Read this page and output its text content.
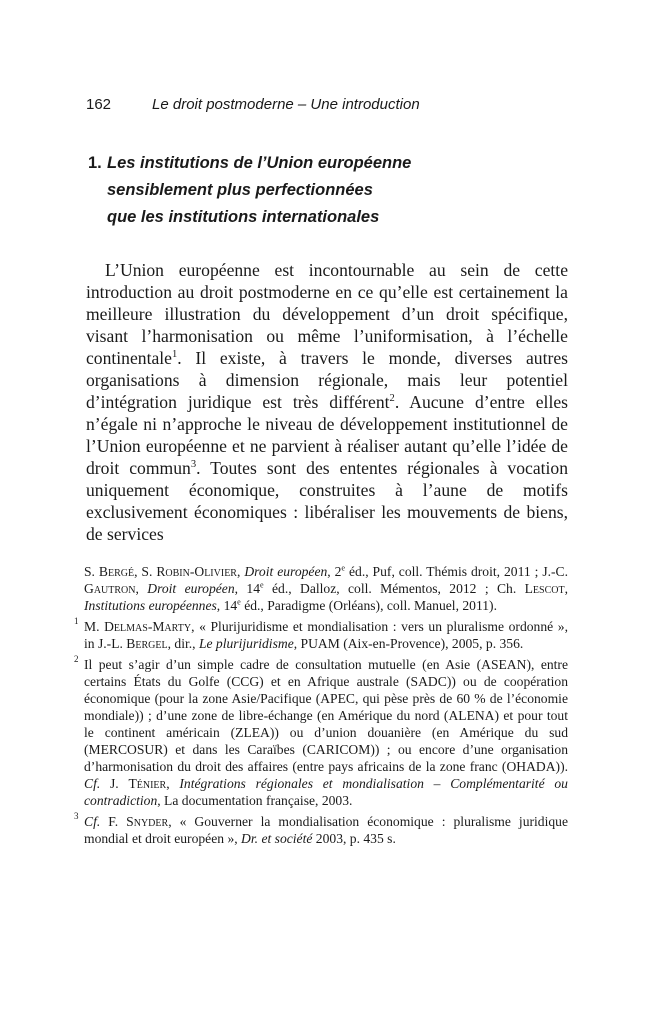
162	Le droit postmoderne – Une introduction
1. Les institutions de l’Union européenne
sensiblement plus perfectionnées
que les institutions internationales

L’Union européenne est incontournable au sein de cette introduction au droit postmoderne en ce qu’elle est certainement la meilleure illustration du développement d’un droit spécifique, visant l’harmonisation ou même l’uniformisation, à l’échelle continentale$^1$. Il existe, à travers le monde, diverses autres organisations à dimension régionale, mais leur potentiel d’intégration juridique est très différent$^2$. Aucune d’entre elles n’égale ni n’approche le niveau de développement institutionnel de l’Union européenne et ne parvient à réaliser autant qu’elle l’idée de droit commun$^3$. Toutes sont des ententes régionales à vocation uniquement économique, construites à l’aune de motifs exclusivement économiques : libéraliser les mouvements de biens, de services

S. Bergé, S. Robin-Olivier, Droit européen, 2e éd., Puf, coll. Thémis droit, 2011 ; J.-C. Gautron, Droit européen, 14e éd., Dalloz, coll. Mémentos, 2012 ; Ch. Lescot, Institutions européennes, 14e éd., Paradigme (Orléans), coll. Manuel, 2011).

1 M. Delmas-Marty, « Plurijuridisme et mondialisation : vers un pluralisme ordonné », in J.-L. Bergel, dir., Le plurijuridisme, PUAM (Aix-en-Provence), 2005, p. 356.

2 Il peut s’agir d’un simple cadre de consultation mutuelle (en Asie (ASEAN), entre certains États du Golfe (CCG) et en Afrique australe (SADC)) ou de coopération économique (pour la zone Asie/Pacifique (APEC, qui pèse près de 60 % de l’économie mondiale)) ; d’une zone de libre-échange (en Amérique du nord (ALENA) et pour tout le continent américain (ZLEA)) ou d’union douanière (en Amérique du sud (MERCOSUR) et dans les Caraïbes (CARICOM)) ; ou encore d’une organisation d’harmonisation du droit des affaires (entre pays africains de la zone franc (OHADA)). Cf. J. Ténier, Intégrations régionales et mondialisation – Complémentarité ou contradiction, La documentation française, 2003.

3 Cf. F. Snyder, « Gouverner la mondialisation économique : pluralisme juridique mondial et droit européen », Dr. et société 2003, p. 435 s.
